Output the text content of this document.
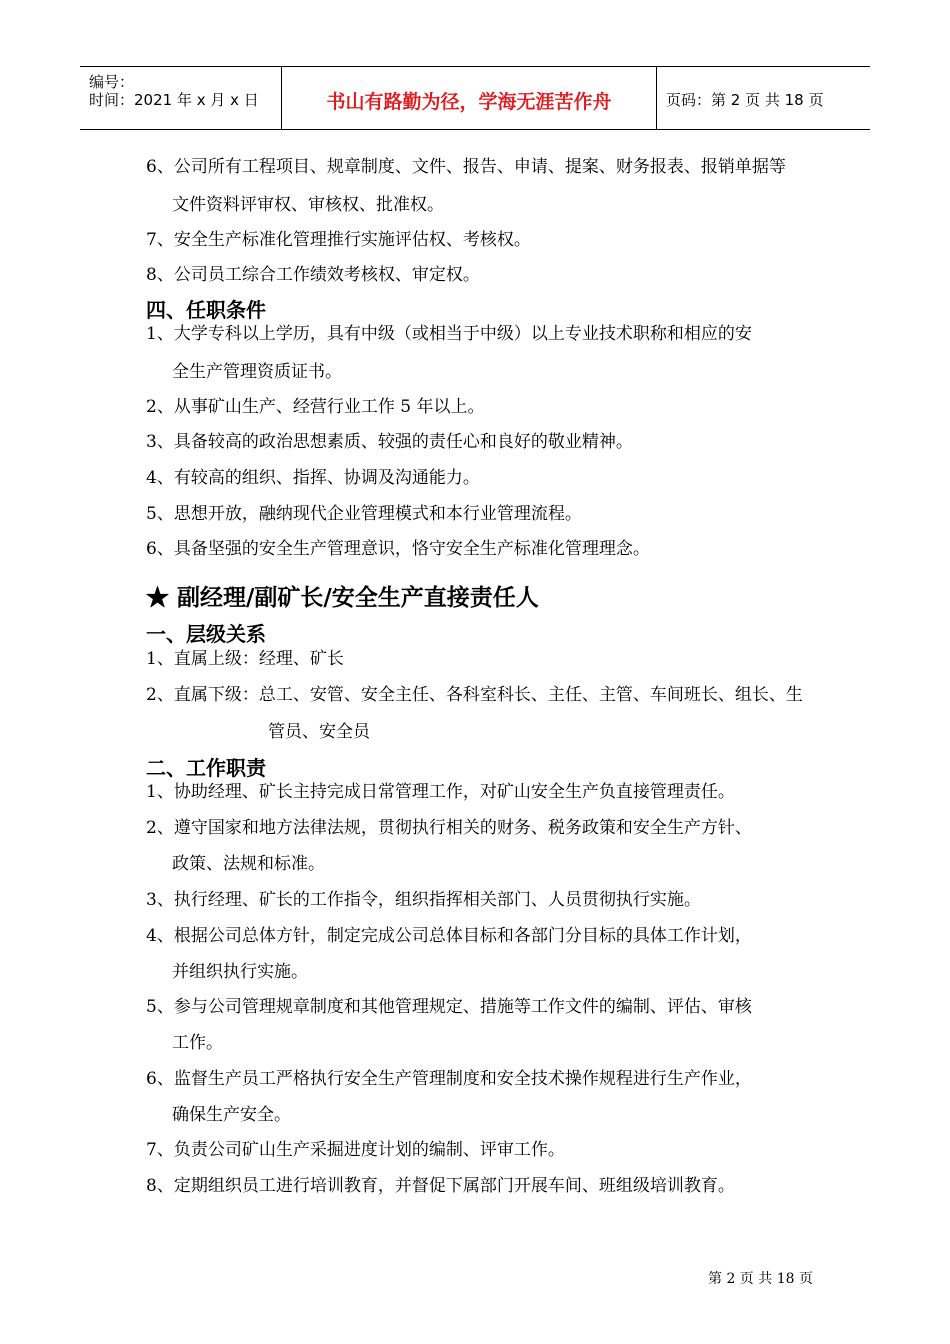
编号：
时间：2021 年 x 月 x 日	书山有路勤为径，学海无涯苦作舟	页码：第 2 页 共 18 页
6、公司所有工程项目、规章制度、文件、报告、申请、提案、财务报表、报销单据等
文件资料评审权、审核权、批准权。
7、安全生产标准化管理推行实施评估权、考核权。
8、公司员工综合工作绩效考核权、审定权。
四、任职条件
1、大学专科以上学历，具有中级（或相当于中级）以上专业技术职称和相应的安
全生产管理资质证书。
2、从事矿山生产、经营行业工作 5 年以上。
3、具备较高的政治思想素质、较强的责任心和良好的敬业精神。
4、有较高的组织、指挥、协调及沟通能力。
5、思想开放，融纳现代企业管理模式和本行业管理流程。
6、具备坚强的安全生产管理意识，恪守安全生产标准化管理理念。
★ 副经理/副矿长/安全生产直接责任人
一、层级关系
1、直属上级：经理、矿长
2、直属下级：总工、安管、安全主任、各科室科长、主任、主管、车间班长、组长、生
管员、安全员
二、工作职责
1、协助经理、矿长主持完成日常管理工作，对矿山安全生产负直接管理责任。
2、遵守国家和地方法律法规，贯彻执行相关的财务、税务政策和安全生产方针、
政策、法规和标准。
3、执行经理、矿长的工作指令，组织指挥相关部门、人员贯彻执行实施。
4、根据公司总体方针，制定完成公司总体目标和各部门分目标的具体工作计划，
并组织执行实施。
5、参与公司管理规章制度和其他管理规定、措施等工作文件的编制、评估、审核
工作。
6、监督生产员工严格执行安全生产管理制度和安全技术操作规程进行生产作业，
确保生产安全。
7、负责公司矿山生产采掘进度计划的编制、评审工作。
8、定期组织员工进行培训教育，并督促下属部门开展车间、班组级培训教育。
第 2 页 共 18 页
